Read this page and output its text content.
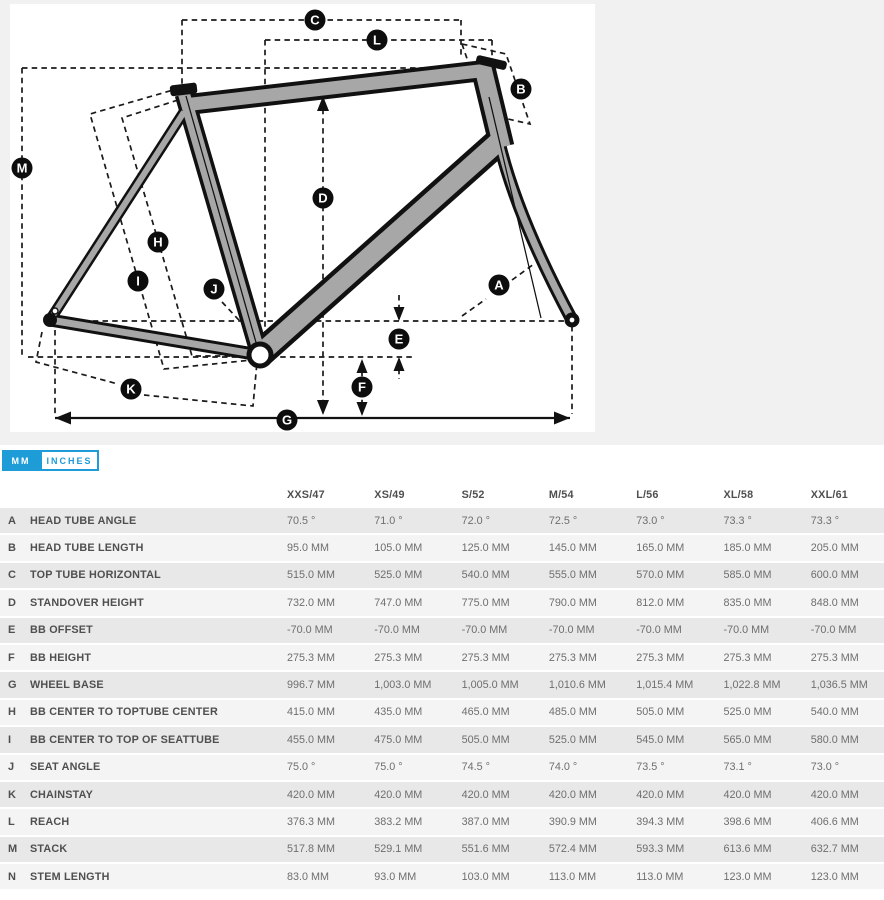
A
B
C
D
E
F
G
H
I
J
K
L
M
MM	INCHES
XXS/47	XS/49	S/52	M/54	L/56	XL/58	XXL/61
A	HEAD TUBE ANGLE	70.5 °	71.0 °	72.0 °	72.5 °	73.0 °	73.3 °	73.3 °
B	HEAD TUBE LENGTH	95.0 MM	105.0 MM	125.0 MM	145.0 MM	165.0 MM	185.0 MM	205.0 MM
C	TOP TUBE HORIZONTAL	515.0 MM	525.0 MM	540.0 MM	555.0 MM	570.0 MM	585.0 MM	600.0 MM
D	STANDOVER HEIGHT	732.0 MM	747.0 MM	775.0 MM	790.0 MM	812.0 MM	835.0 MM	848.0 MM
E	BB OFFSET	-70.0 MM	-70.0 MM	-70.0 MM	-70.0 MM	-70.0 MM	-70.0 MM	-70.0 MM
F	BB HEIGHT	275.3 MM	275.3 MM	275.3 MM	275.3 MM	275.3 MM	275.3 MM	275.3 MM
G	WHEEL BASE	996.7 MM	1,003.0 MM	1,005.0 MM	1,010.6 MM	1,015.4 MM	1,022.8 MM	1,036.5 MM
H	BB CENTER TO TOPTUBE CENTER	415.0 MM	435.0 MM	465.0 MM	485.0 MM	505.0 MM	525.0 MM	540.0 MM
I	BB CENTER TO TOP OF SEATTUBE	455.0 MM	475.0 MM	505.0 MM	525.0 MM	545.0 MM	565.0 MM	580.0 MM
J	SEAT ANGLE	75.0 °	75.0 °	74.5 °	74.0 °	73.5 °	73.1 °	73.0 °
K	CHAINSTAY	420.0 MM	420.0 MM	420.0 MM	420.0 MM	420.0 MM	420.0 MM	420.0 MM
L	REACH	376.3 MM	383.2 MM	387.0 MM	390.9 MM	394.3 MM	398.6 MM	406.6 MM
M	STACK	517.8 MM	529.1 MM	551.6 MM	572.4 MM	593.3 MM	613.6 MM	632.7 MM
N	STEM LENGTH	83.0 MM	93.0 MM	103.0 MM	113.0 MM	113.0 MM	123.0 MM	123.0 MM
